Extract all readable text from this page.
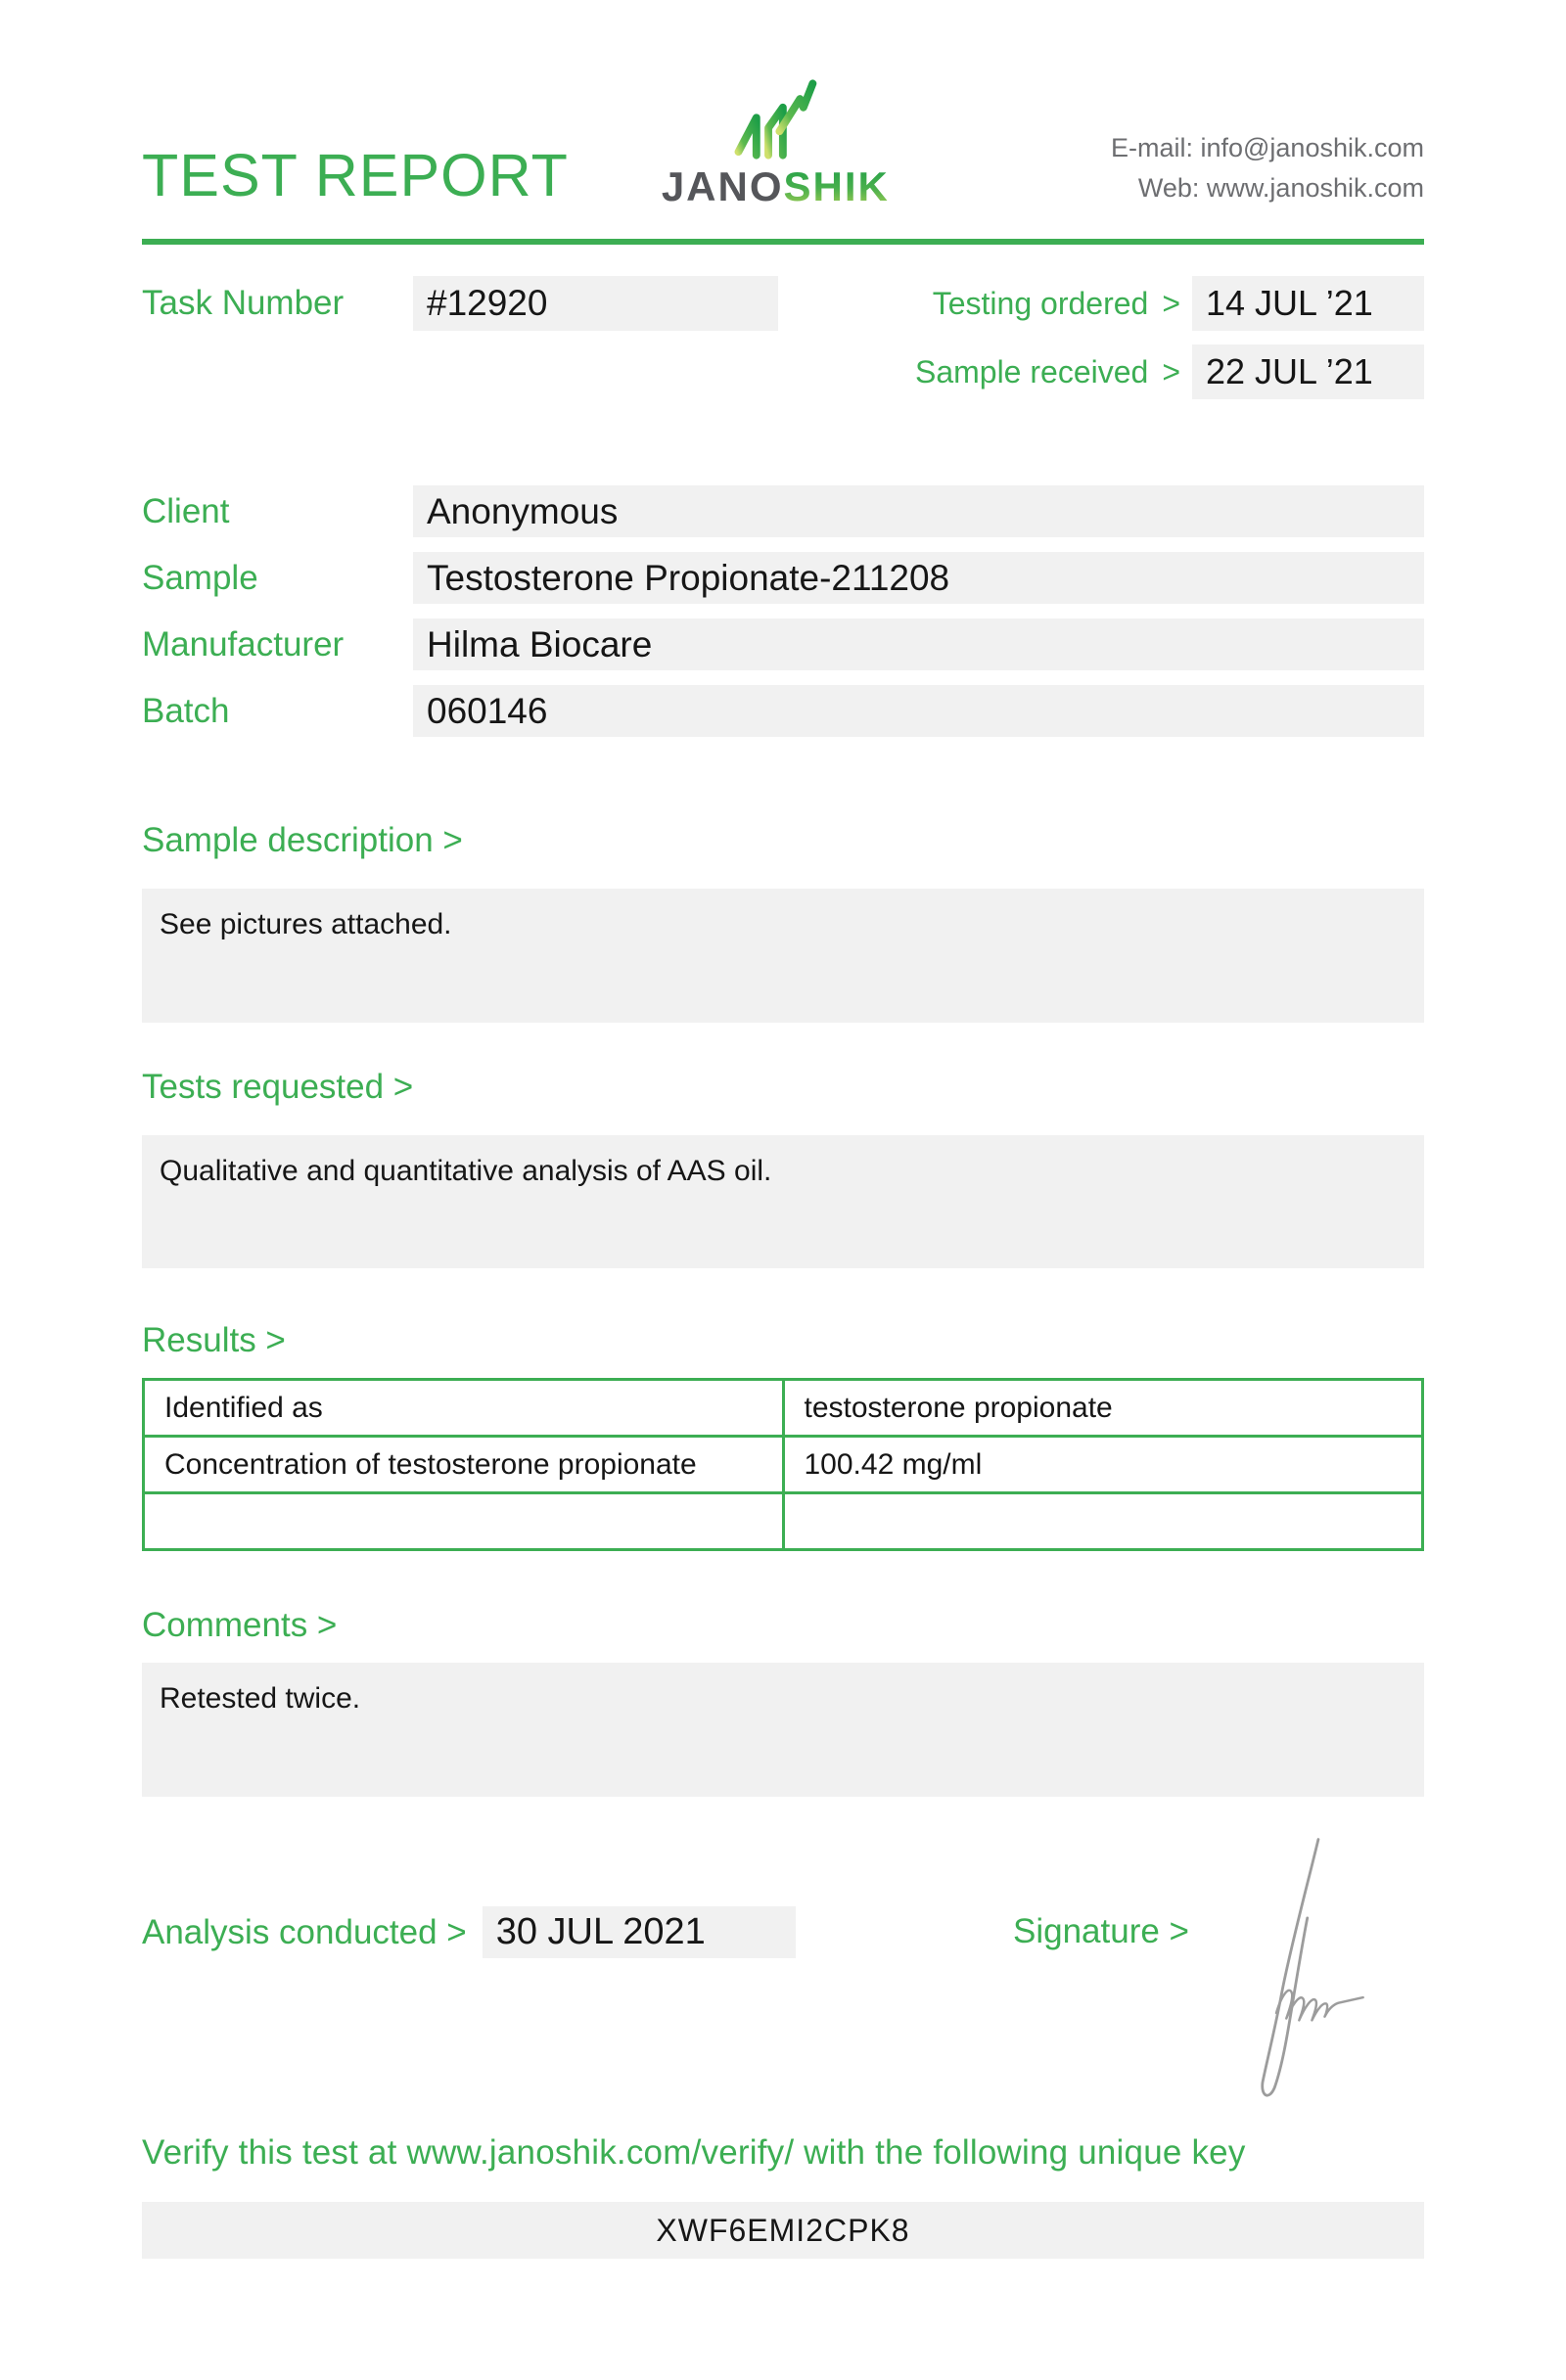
TEST REPORT JANOSHIK
E-mail: info@janoshik.com
Web: www.janoshik.com
Task Number	#12920	Testing ordered > 14 JUL ’21
Sample received > 22 JUL ’21
Client	Anonymous
Sample	Testosterone Propionate-211208
Manufacturer	Hilma Biocare
Batch	060146
Sample description >
See pictures attached.
Tests requested >
Qualitative and quantitative analysis of AAS oil.
Results >
Identified as	testosterone propionate
Concentration of testosterone propionate	100.42 mg/ml

Comments >
Retested twice.
Analysis conducted > 30 JUL 2021	Signature >
Verify this test at www.janoshik.com/verify/ with the following unique key
XWF6EMI2CPK8
